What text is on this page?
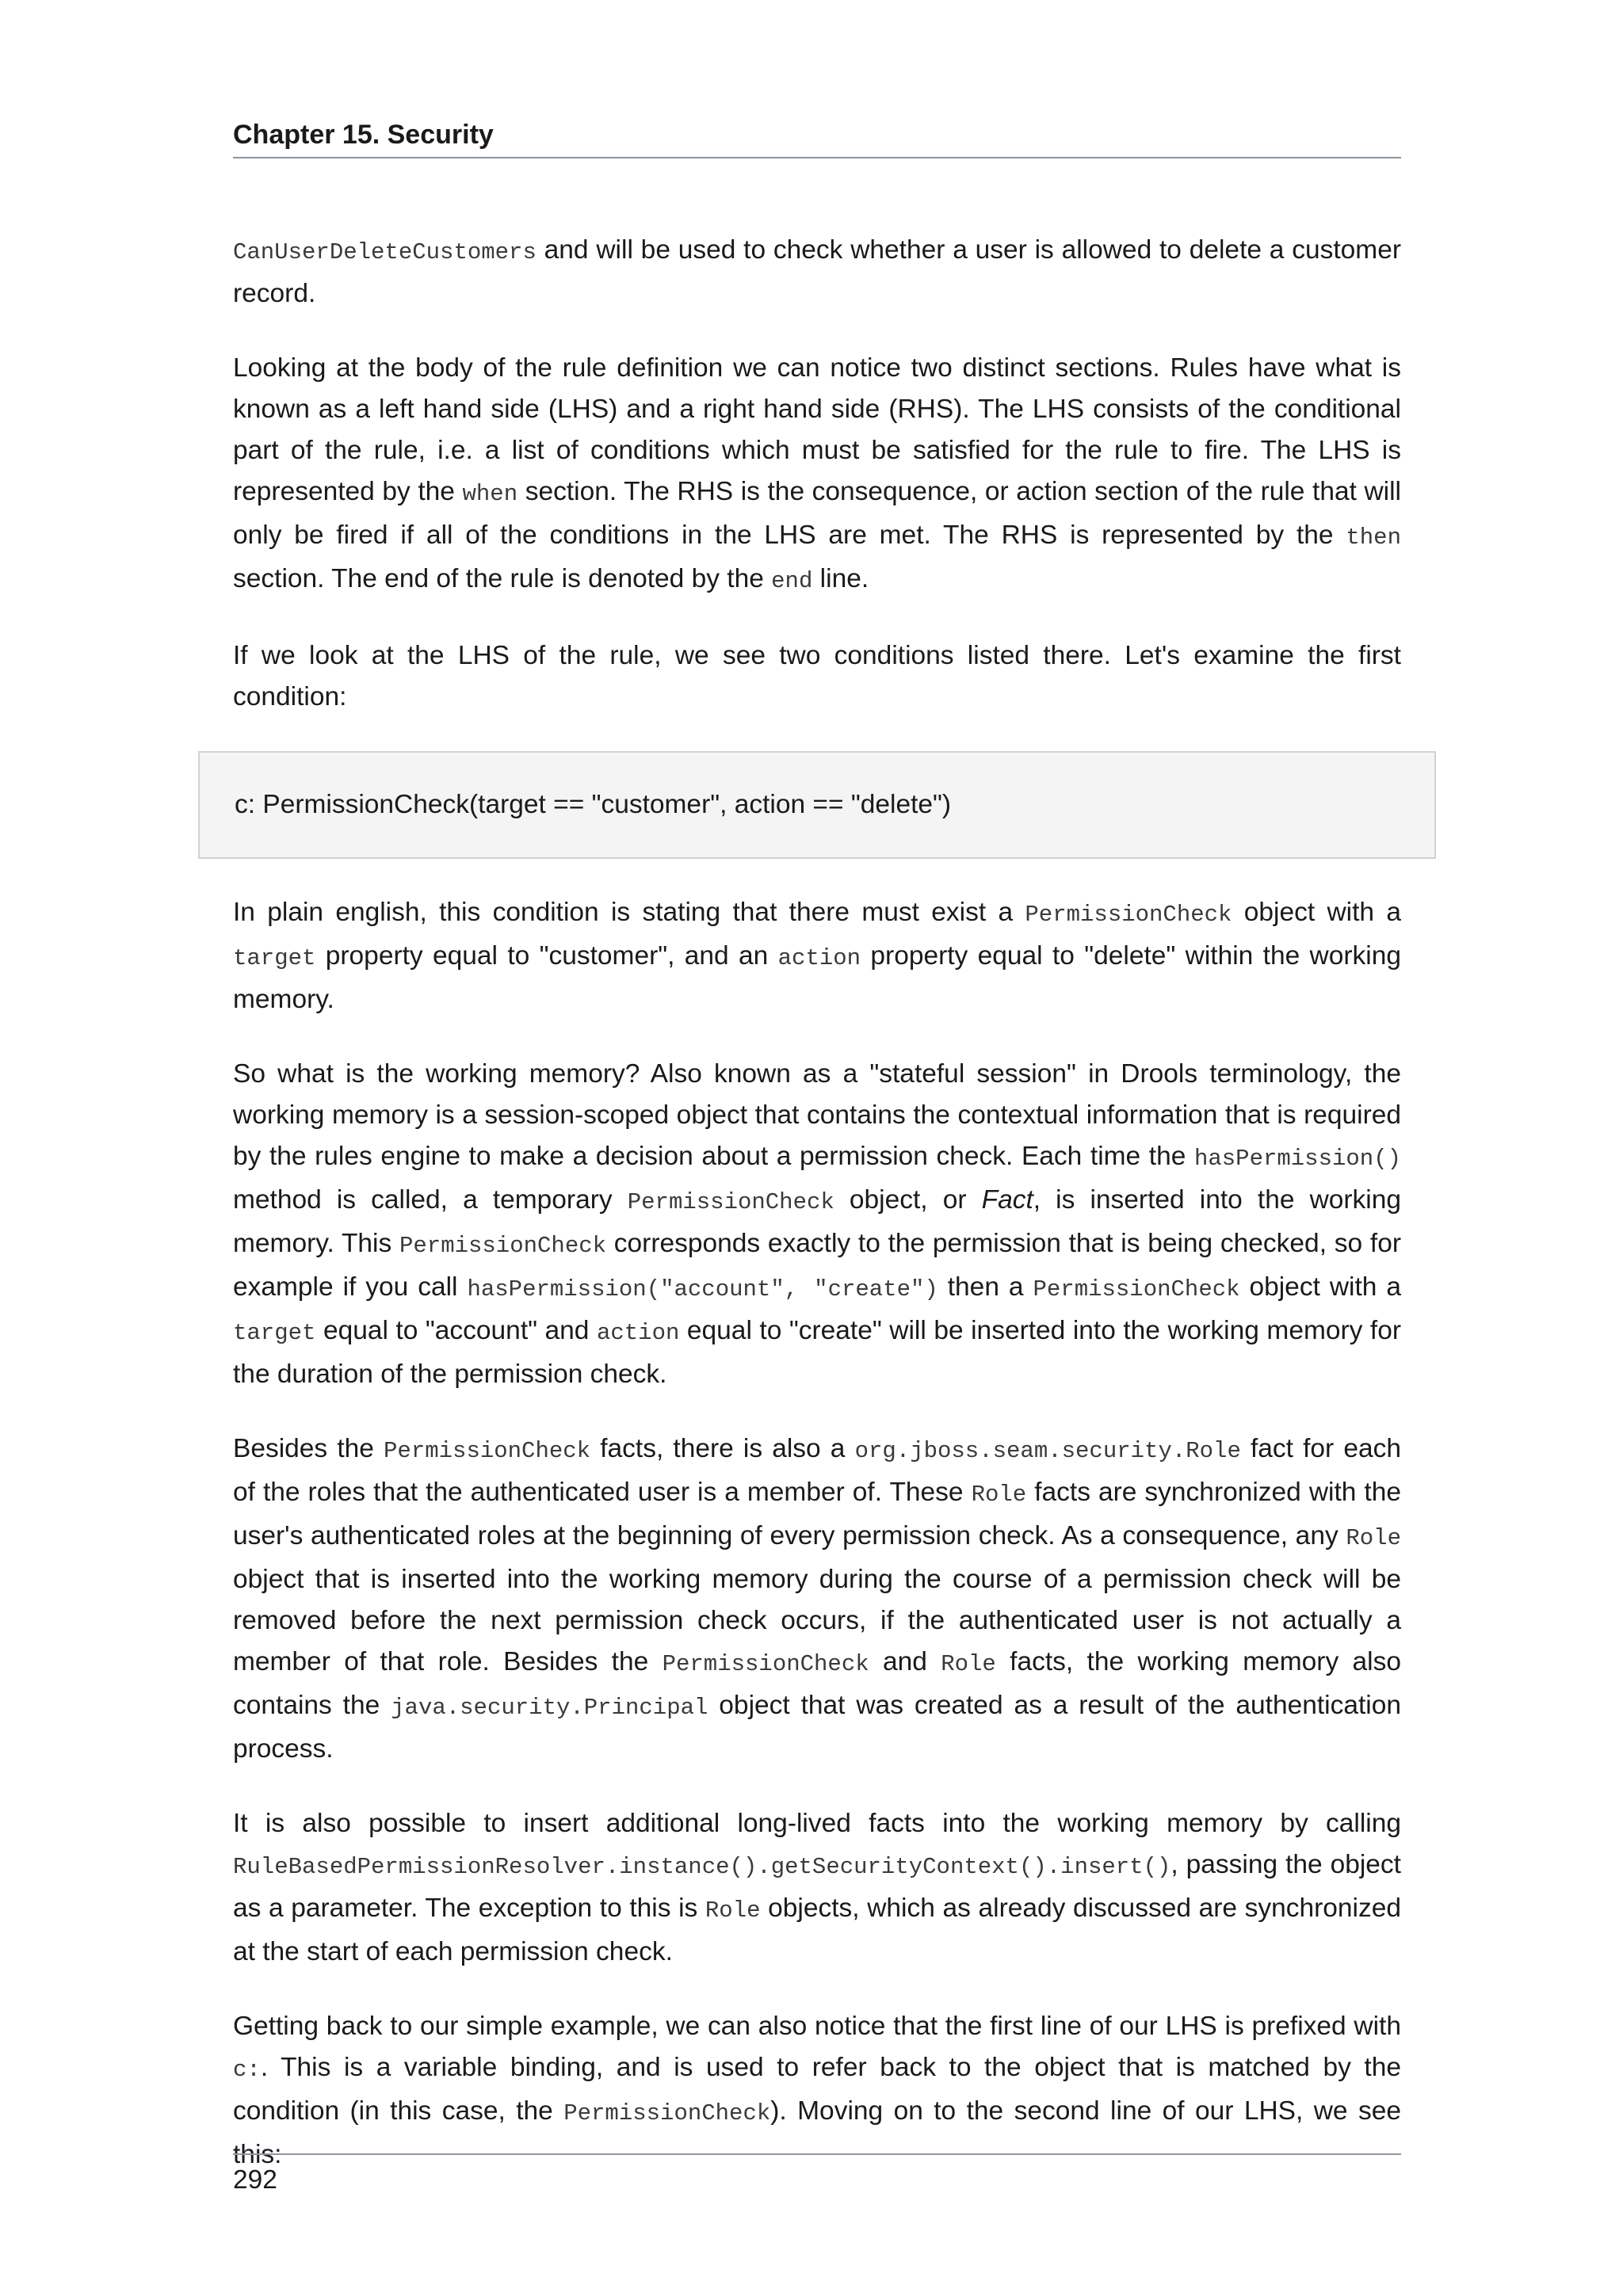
Chapter 15. Security

CanUserDeleteCustomers and will be used to check whether a user is allowed to delete a customer record.

Looking at the body of the rule definition we can notice two distinct sections. Rules have what is known as a left hand side (LHS) and a right hand side (RHS). The LHS consists of the conditional part of the rule, i.e. a list of conditions which must be satisfied for the rule to fire. The LHS is represented by the when section. The RHS is the consequence, or action section of the rule that will only be fired if all of the conditions in the LHS are met. The RHS is represented by the then section. The end of the rule is denoted by the end line.

If we look at the LHS of the rule, we see two conditions listed there. Let's examine the first condition:

c: PermissionCheck(target == "customer", action == "delete")

In plain english, this condition is stating that there must exist a PermissionCheck object with a target property equal to "customer", and an action property equal to "delete" within the working memory.

So what is the working memory? Also known as a "stateful session" in Drools terminology, the working memory is a session-scoped object that contains the contextual information that is required by the rules engine to make a decision about a permission check. Each time the hasPermission() method is called, a temporary PermissionCheck object, or Fact, is inserted into the working memory. This PermissionCheck corresponds exactly to the permission that is being checked, so for example if you call hasPermission("account", "create") then a PermissionCheck object with a target equal to "account" and action equal to "create" will be inserted into the working memory for the duration of the permission check.

Besides the PermissionCheck facts, there is also a org.jboss.seam.security.Role fact for each of the roles that the authenticated user is a member of. These Role facts are synchronized with the user's authenticated roles at the beginning of every permission check. As a consequence, any Role object that is inserted into the working memory during the course of a permission check will be removed before the next permission check occurs, if the authenticated user is not actually a member of that role. Besides the PermissionCheck and Role facts, the working memory also contains the java.security.Principal object that was created as a result of the authentication process.

It is also possible to insert additional long-lived facts into the working memory by calling RuleBasedPermissionResolver.instance().getSecurityContext().insert(), passing the object as a parameter. The exception to this is Role objects, which as already discussed are synchronized at the start of each permission check.

Getting back to our simple example, we can also notice that the first line of our LHS is prefixed with c:. This is a variable binding, and is used to refer back to the object that is matched by the condition (in this case, the PermissionCheck). Moving on to the second line of our LHS, we see this:

292
